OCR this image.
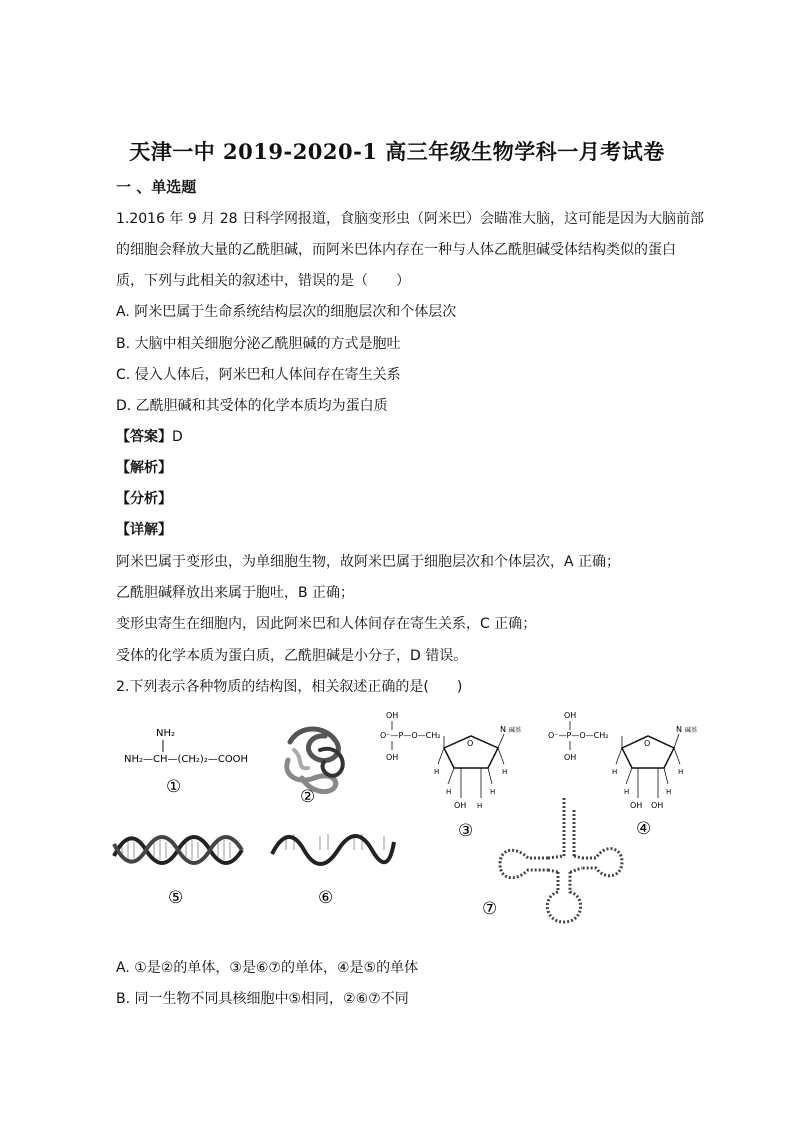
天津一中 2019-2020-1 高三年级生物学科一月考试卷
一 、单选题
1.2016 年 9 月 28 日科学网报道，食脑变形虫（阿米巴）会瞄准大脑，这可能是因为大脑前部
的细胞会释放大量的乙酰胆碱，而阿米巴体内存在一种与人体乙酰胆碱受体结构类似的蛋白
质，下列与此相关的叙述中，错误的是（　　）
A. 阿米巴属于生命系统结构层次的细胞层次和个体层次
B. 大脑中相关细胞分泌乙酰胆碱的方式是胞吐
C. 侵入人体后，阿米巴和人体间存在寄生关系
D. 乙酰胆碱和其受体的化学本质均为蛋白质
【答案】D
【解析】
【分析】
【详解】
阿米巴属于变形虫，为单细胞生物，故阿米巴属于细胞层次和个体层次，A 正确；
乙酰胆碱释放出来属于胞吐，B 正确；
变形虫寄生在细胞内，因此阿米巴和人体间存在寄生关系，C 正确；
受体的化学本质为蛋白质，乙酰胆碱是小分子，D 错误。
2.下列表示各种物质的结构图，相关叙述正确的是(　　)
NH₂
NH₂—CH—(CH₂)₂—COOH
①	②
OH
O⁻—P—O—CH₂
OH
O
N 碱基
H	H
H	H
OH H
③
OH
O⁻—P—O—CH₂
OH
O
N 碱基
H	H
H	H
OH OH
④
⑤	⑥
⑦
A. ①是②的单体，③是⑥⑦的单体，④是⑤的单体
B. 同一生物不同具核细胞中⑤相同，②⑥⑦不同
